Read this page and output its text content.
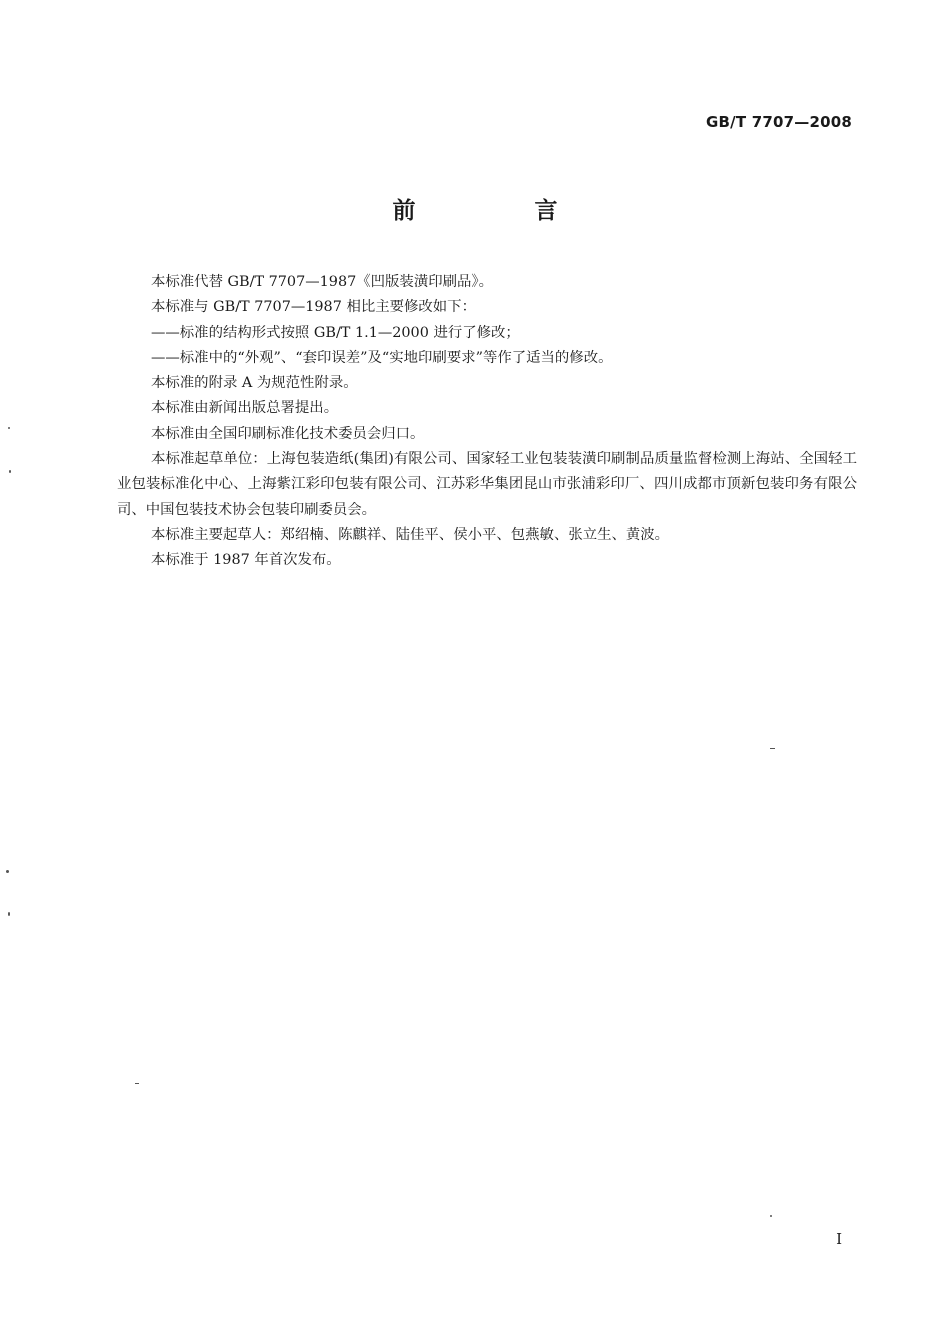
GB/T 7707—2008
前　言

本标准代替 GB/T 7707—1987《凹版装潢印刷品》。

本标准与 GB/T 7707—1987 相比主要修改如下：

——标准的结构形式按照 GB/T 1.1—2000 进行了修改；

——标准中的“外观”、“套印误差”及“实地印刷要求”等作了适当的修改。

本标准的附录 A 为规范性附录。

本标准由新闻出版总署提出。

本标准由全国印刷标准化技术委员会归口。

本标准起草单位：上海包装造纸(集团)有限公司、国家轻工业包装装潢印刷制品质量监督检测上海站、全国轻工业包装标准化中心、上海紫江彩印包装有限公司、江苏彩华集团昆山市张浦彩印厂、四川成都市顶新包装印务有限公司、中国包装技术协会包装印刷委员会。

本标准主要起草人：郑绍楠、陈麒祥、陆佳平、侯小平、包燕敏、张立生、黄波。

本标准于 1987 年首次发布。

I
